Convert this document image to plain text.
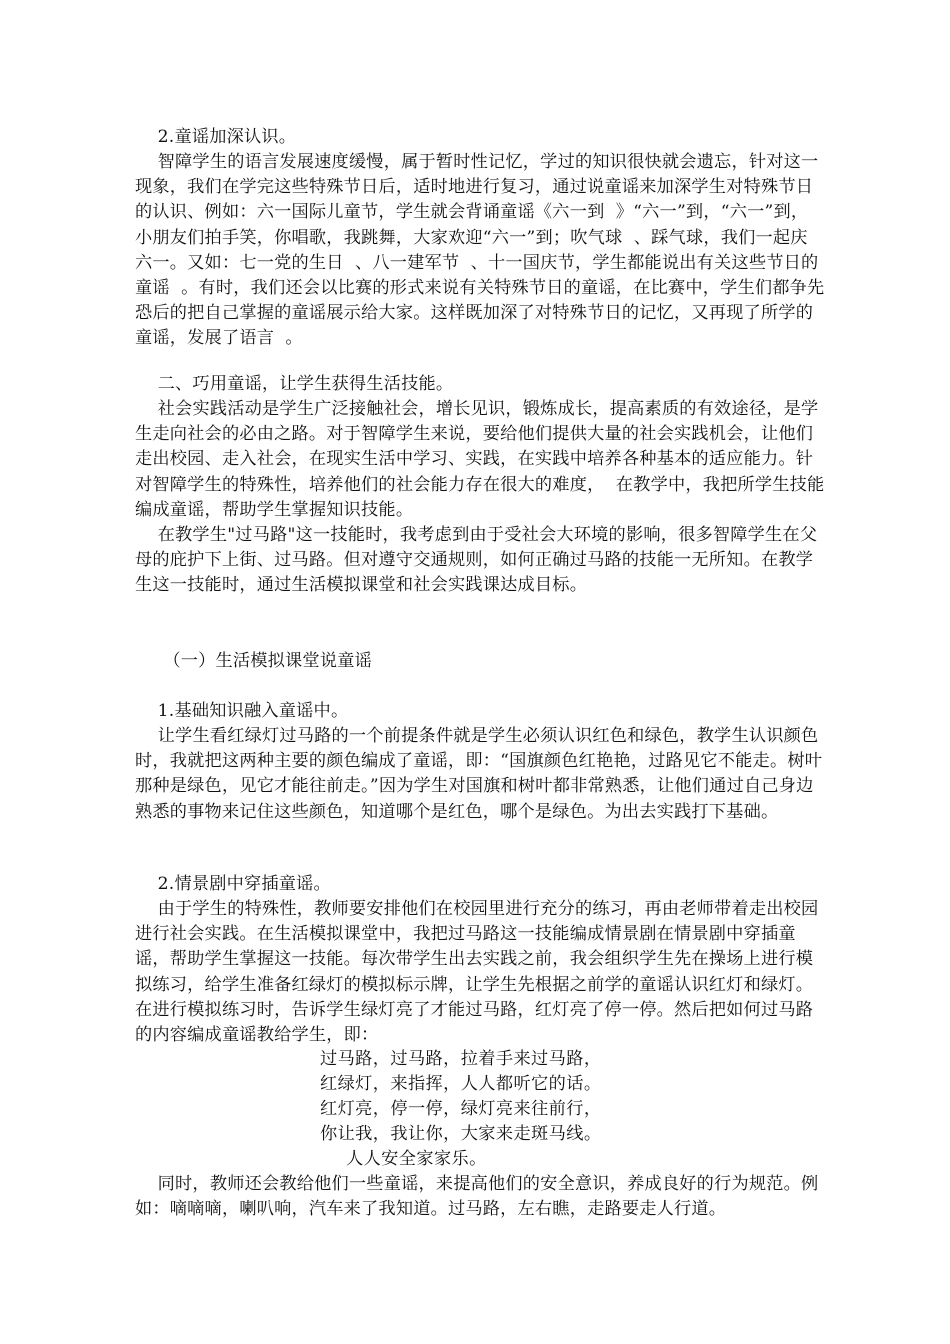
2.童谣加深认识。

智障学生的语言发展速度缓慢，属于暂时性记忆，学过的知识很快就会遗忘，针对这一现象，我们在学完这些特殊节日后，适时地进行复习，通过说童谣来加深学生对特殊节日的认识、例如：六一国际儿童节，学生就会背诵童谣《六一到  》“六一”到，“六一”到，小朋友们拍手笑，你唱歌，我跳舞，大家欢迎“六一”到；吹气球  、踩气球，我们一起庆六一。又如：七一党的生日  、八一建军节  、十一国庆节，学生都能说出有关这些节日的童谣  。有时，我们还会以比赛的形式来说有关特殊节日的童谣，在比赛中，学生们都争先恐后的把自己掌握的童谣展示给大家。这样既加深了对特殊节日的记忆，又再现了所学的童谣，发展了语言  。

二、巧用童谣，让学生获得生活技能。

社会实践活动是学生广泛接触社会，增长见识，锻炼成长，提高素质的有效途径，是学生走向社会的必由之路。对于智障学生来说，要给他们提供大量的社会实践机会，让他们走出校园、走入社会，在现实生活中学习、实践，在实践中培养各种基本的适应能力。针对智障学生的特殊性，培养他们的社会能力存在很大的难度，  在教学中，我把所学生技能编成童谣，帮助学生掌握知识技能。

在教学生"过马路"这一技能时，我考虑到由于受社会大环境的影响，很多智障学生在父母的庇护下上街、过马路。但对遵守交通规则，如何正确过马路的技能一无所知。在教学生这一技能时，通过生活模拟课堂和社会实践课达成目标。

（一）生活模拟课堂说童谣

1.基础知识融入童谣中。

让学生看红绿灯过马路的一个前提条件就是学生必须认识红色和绿色，教学生认识颜色时，我就把这两种主要的颜色编成了童谣，即：“国旗颜色红艳艳，过路见它不能走。树叶那种是绿色，见它才能往前走。”因为学生对国旗和树叶都非常熟悉，让他们通过自己身边熟悉的事物来记住这些颜色，知道哪个是红色，哪个是绿色。为出去实践打下基础。

2.情景剧中穿插童谣。

由于学生的特殊性，教师要安排他们在校园里进行充分的练习，再由老师带着走出校园进行社会实践。在生活模拟课堂中，我把过马路这一技能编成情景剧在情景剧中穿插童谣，帮助学生掌握这一技能。每次带学生出去实践之前，我会组织学生先在操场上进行模拟练习，给学生准备红绿灯的模拟标示牌，让学生先根据之前学的童谣认识红灯和绿灯。在进行模拟练习时，告诉学生绿灯亮了才能过马路，红灯亮了停一停。然后把如何过马路的内容编成童谣教给学生，即：

过马路，过马路，拉着手来过马路，

红绿灯，来指挥，人人都听它的话。

红灯亮，停一停，绿灯亮来往前行，

你让我，我让你，大家来走斑马线。

人人安全家家乐。

同时，教师还会教给他们一些童谣，来提高他们的安全意识，养成良好的行为规范。例如：嘀嘀嘀，喇叭响，汽车来了我知道。过马路，左右瞧，走路要走人行道。
